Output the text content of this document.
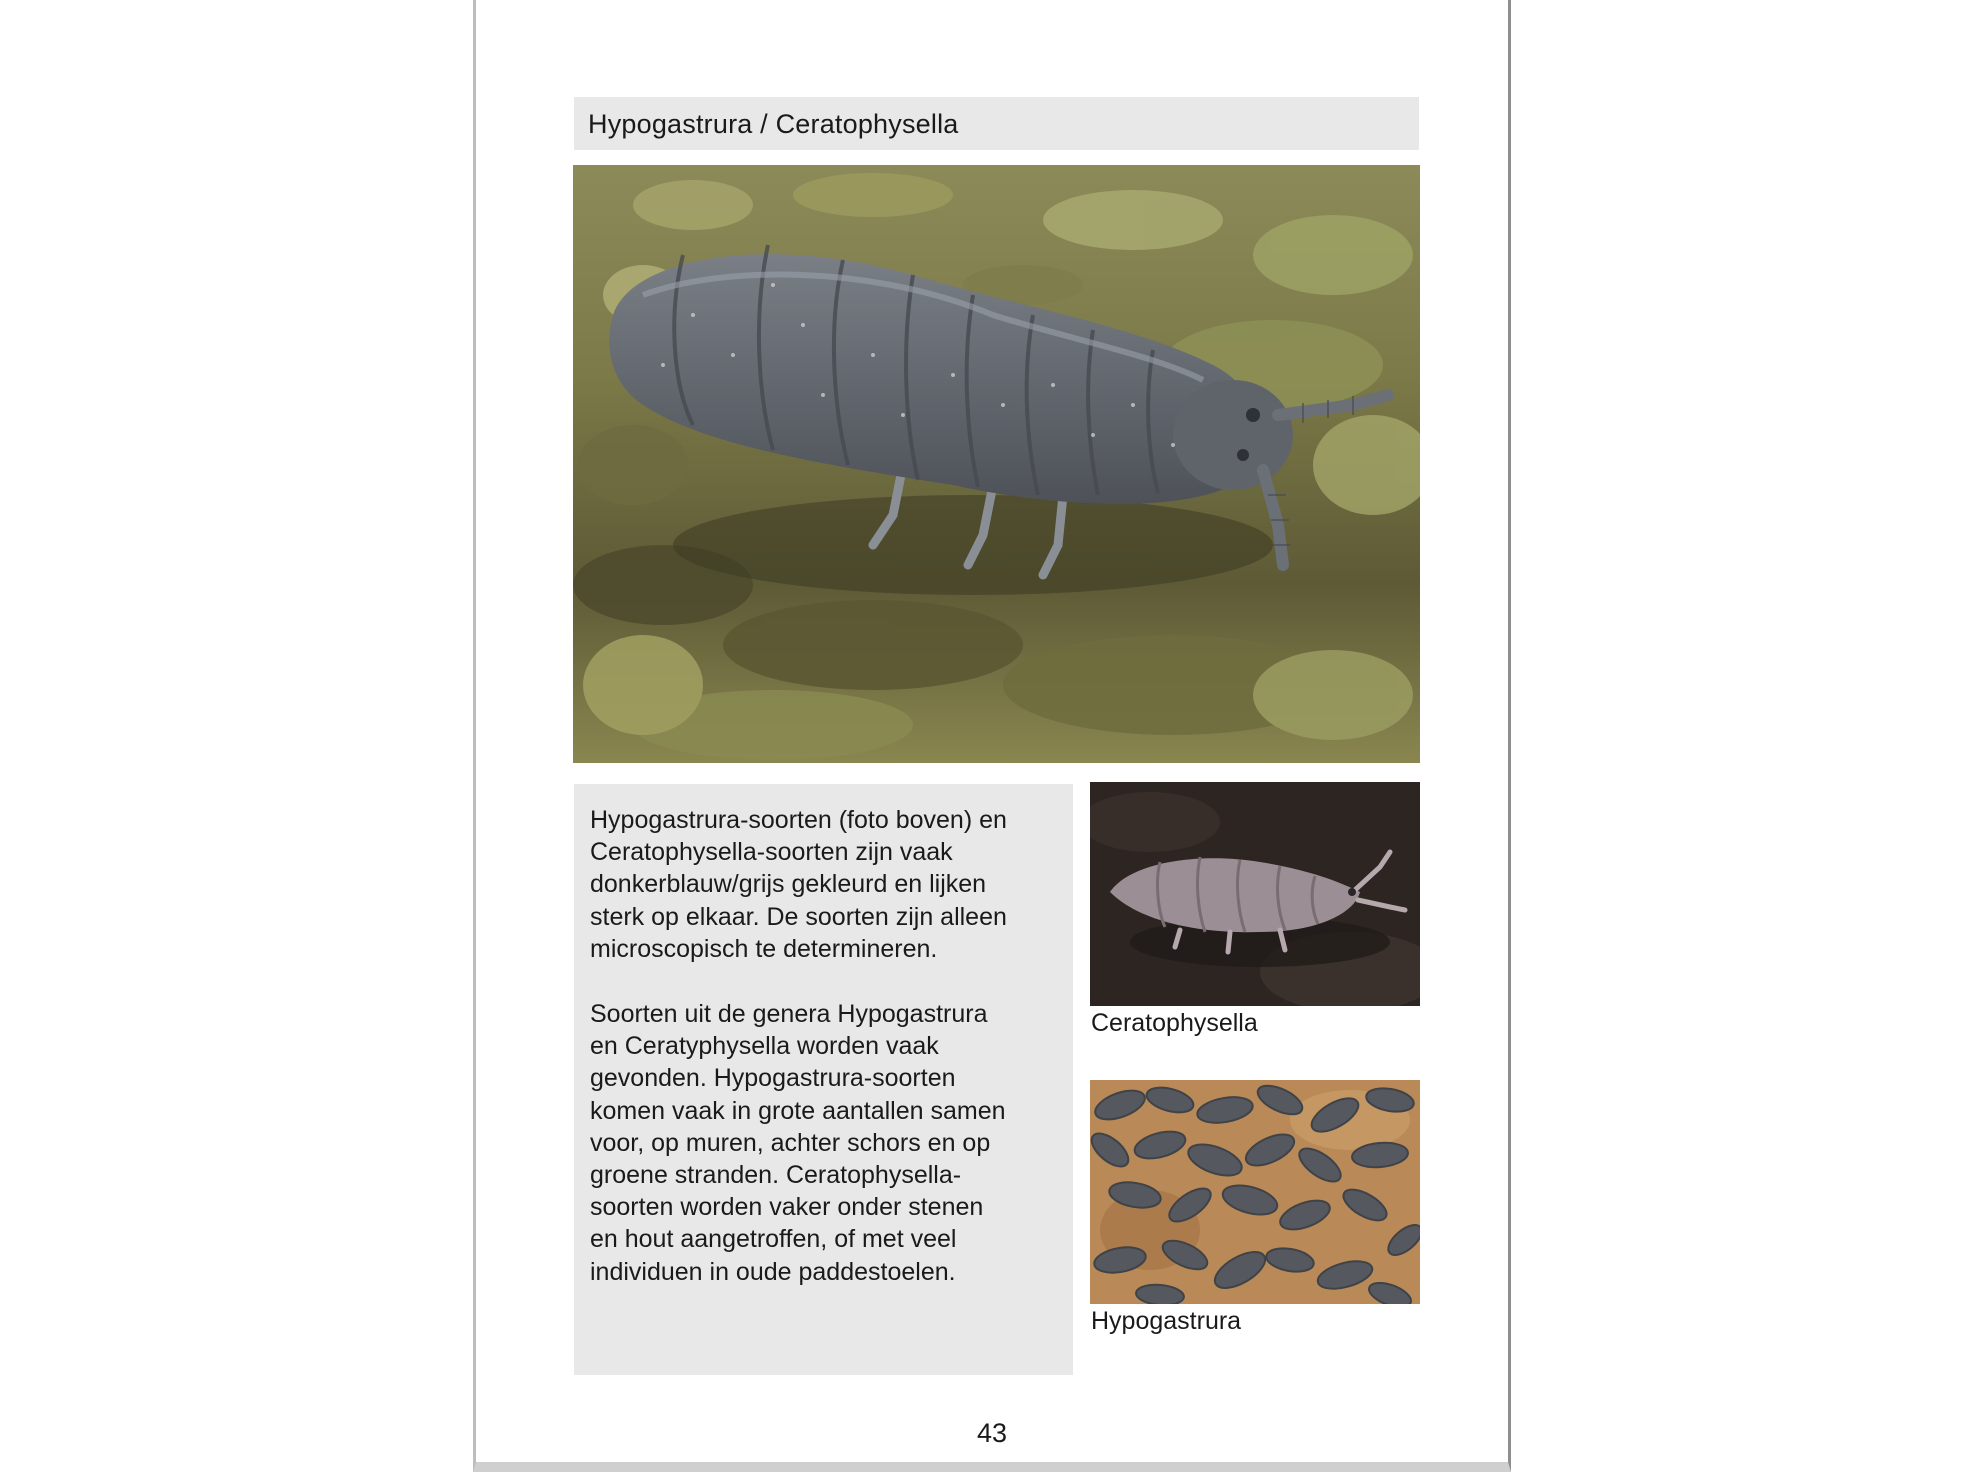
Hypogastrura / Ceratophysella
Hypogastrura-soorten (foto boven) en
Ceratophysella-soorten zijn vaak
donkerblauw/grijs gekleurd en lijken
sterk op elkaar. De soorten zijn alleen
microscopisch te determineren.
Soorten uit de genera Hypogastrura
en Ceratyphysella worden vaak
gevonden. Hypogastrura-soorten
komen vaak in grote aantallen samen
voor, op muren, achter schors en op
groene stranden. Ceratophysella-
soorten worden vaker onder stenen
en hout aangetroffen, of met veel
individuen in oude paddestoelen.
Ceratophysella
Hypogastrura
43
